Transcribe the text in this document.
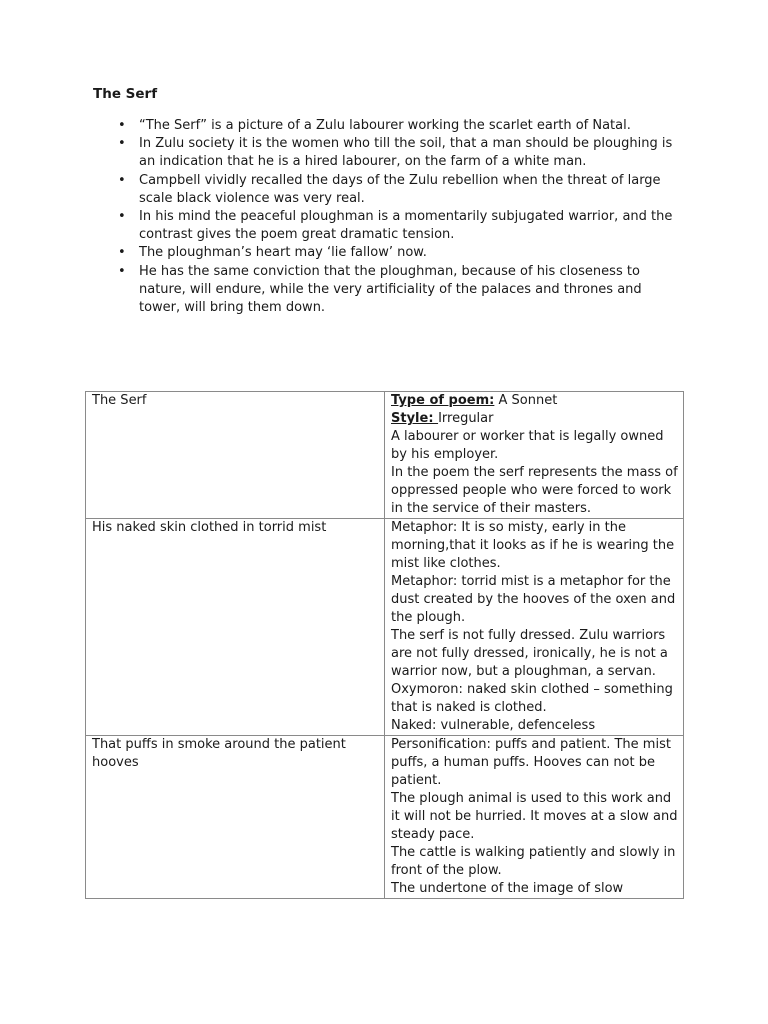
The Serf
• “The Serf” is a picture of a Zulu labourer working the scarlet earth of Natal.
• In Zulu society it is the women who till the soil, that a man should be ploughing is an indication that he is a hired labourer, on the farm of a white man.
• Campbell vividly recalled the days of the Zulu rebellion when the threat of large scale black violence was very real.
• In his mind the peaceful ploughman is a momentarily subjugated warrior, and the contrast gives the poem great dramatic tension.
• The ploughman’s heart may ‘lie fallow’ now.
• He has the same conviction that the ploughman, because of his closeness to nature, will endure, while the very artificiality of the palaces and thrones and tower, will bring them down.
The Serf	Type of poem: A Sonnet
Style: Irregular
A labourer or worker that is legally owned by his employer.
In the poem the serf represents the mass of oppressed people who were forced to work in the service of their masters.

His naked skin clothed in torrid mist	Metaphor: It is so misty, early in the morning,that it looks as if he is wearing the mist like clothes.
Metaphor: torrid mist is a metaphor for the dust created by the hooves of the oxen and the plough.
The serf is not fully dressed. Zulu warriors are not fully dressed, ironically, he is not a warrior now, but a ploughman, a servan.
Oxymoron: naked skin clothed – something that is naked is clothed.
Naked: vulnerable, defenceless

That puffs in smoke around the patient hooves	Personification: puffs and patient. The mist puffs, a human puffs. Hooves can not be patient.
The plough animal is used to this work and it will not be hurried. It moves at a slow and steady pace.
The cattle is walking patiently and slowly in front of the plow.
The undertone of the image of slow
